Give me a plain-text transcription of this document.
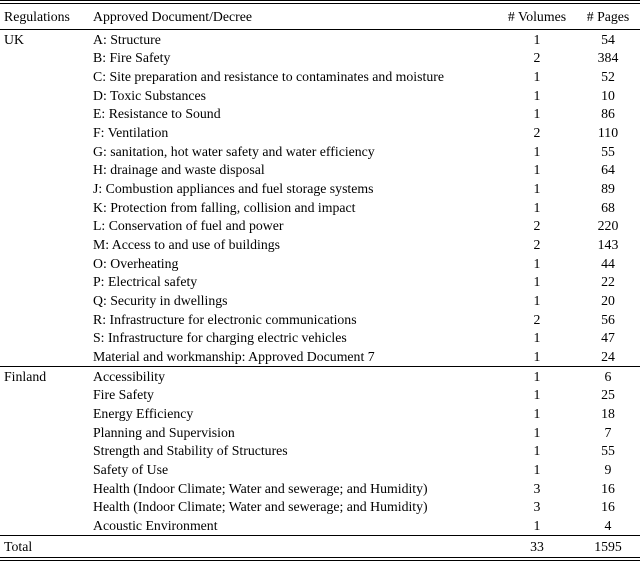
Regulations	Approved Document/Decree	# Volumes	# Pages
UK	A: Structure	1	54
	B: Fire Safety	2	384
	C: Site preparation and resistance to contaminates and moisture	1	52
	D: Toxic Substances	1	10
	E: Resistance to Sound	1	86
	F: Ventilation	2	110
	G: sanitation, hot water safety and water efficiency	1	55
	H: drainage and waste disposal	1	64
	J: Combustion appliances and fuel storage systems	1	89
	K: Protection from falling, collision and impact	1	68
	L: Conservation of fuel and power	2	220
	M: Access to and use of buildings	2	143
	O: Overheating	1	44
	P: Electrical safety	1	22
	Q: Security in dwellings	1	20
	R: Infrastructure for electronic communications	2	56
	S: Infrastructure for charging electric vehicles	1	47
	Material and workmanship: Approved Document 7	1	24
Finland	Accessibility	1	6
	Fire Safety	1	25
	Energy Efficiency	1	18
	Planning and Supervision	1	7
	Strength and Stability of Structures	1	55
	Safety of Use	1	9
	Health (Indoor Climate; Water and sewerage; and Humidity)	3	16
	Health (Indoor Climate; Water and sewerage; and Humidity)	3	16
	Acoustic Environment	1	4
Total		33	1595
